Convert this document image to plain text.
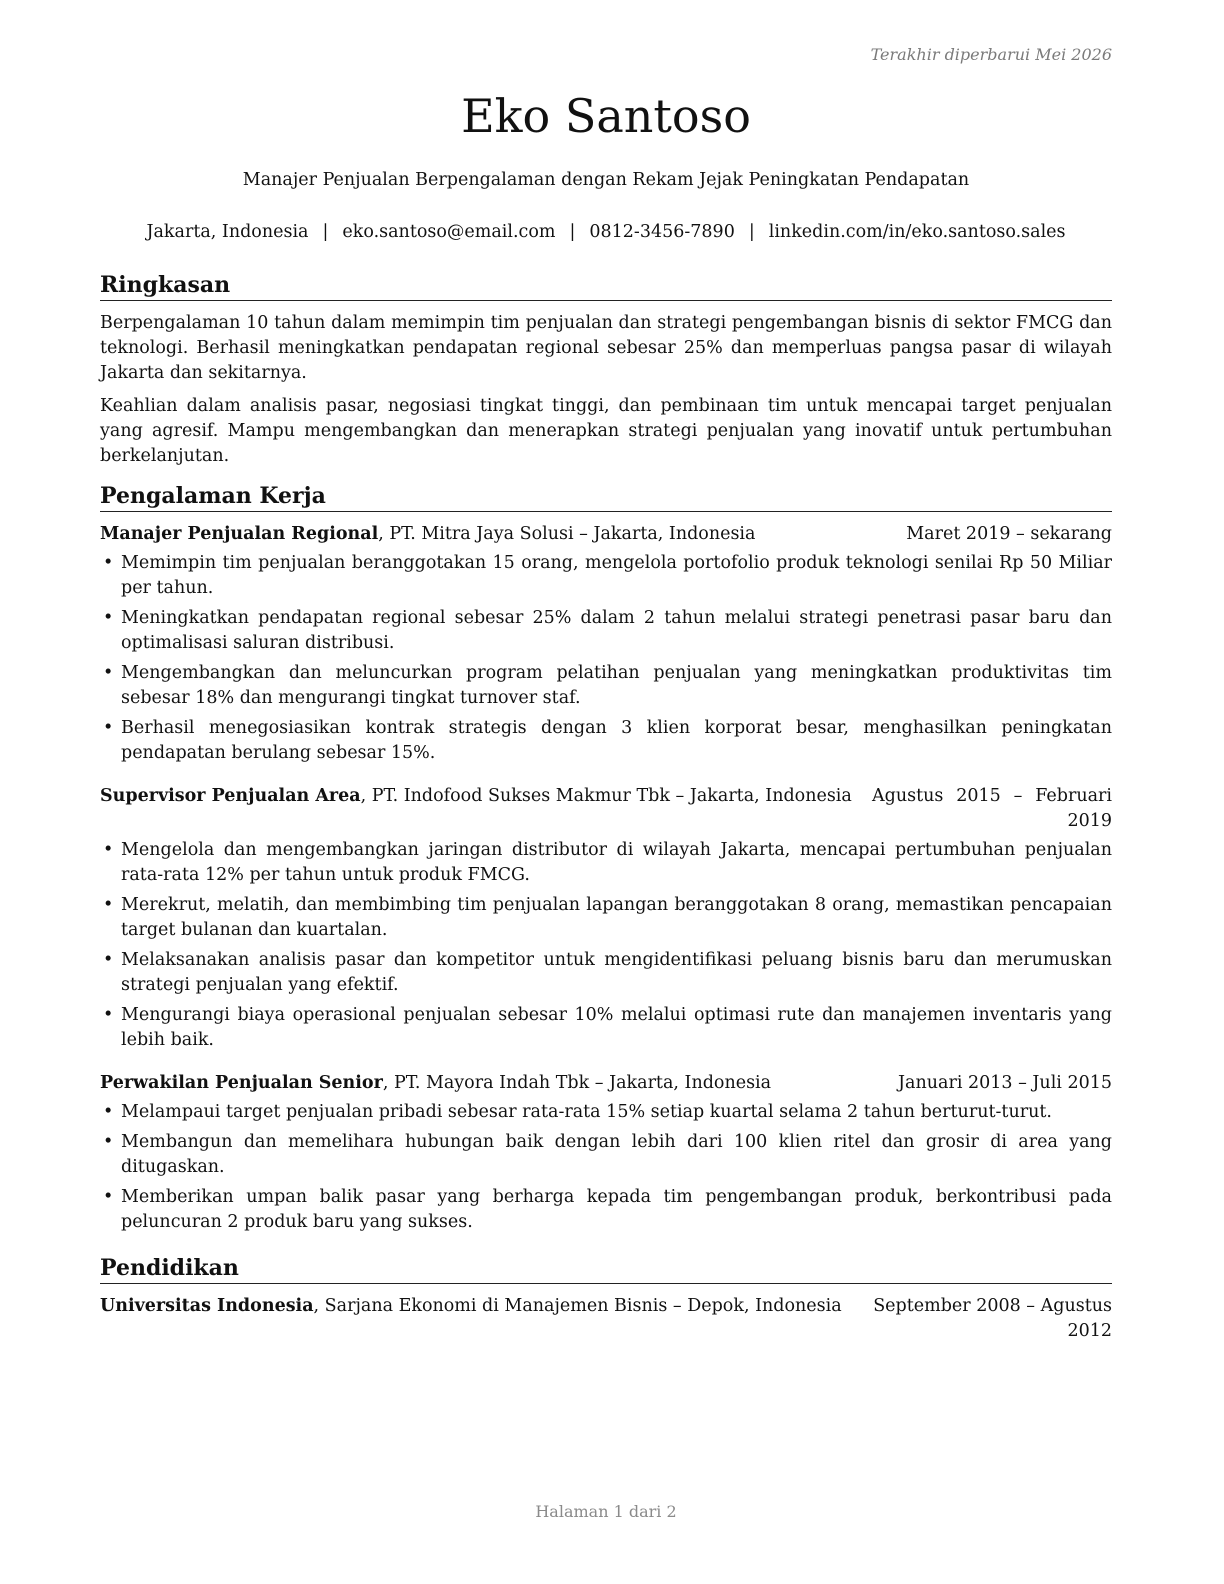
Terakhir diperbarui Mei 2026
Eko Santoso
Manajer Penjualan Berpengalaman dengan Rekam Jejak Peningkatan Pendapatan
Jakarta, Indonesia | eko.santoso@email.com | 0812-3456-7890 | linkedin.com/in/eko.santoso.sales
Ringkasan

Berpengalaman 10 tahun dalam memimpin tim penjualan dan strategi pengembangan bisnis di sektor FMCG dan teknologi. Berhasil meningkatkan pendapatan regional sebesar 25% dan memperluas pangsa pasar di wilayah Jakarta dan sekitarnya.

Keahlian dalam analisis pasar, negosiasi tingkat tinggi, dan pembinaan tim untuk mencapai target penjualan yang agresif. Mampu mengembangkan dan menerapkan strategi penjualan yang inovatif untuk pertumbuhan berkelanjutan.

Pengalaman Kerja
Manajer Penjualan Regional, PT. Mitra Jaya Solusi – Jakarta, Indonesia	Maret 2019 – sekarang
• Memimpin tim penjualan beranggotakan 15 orang, mengelola portofolio produk teknologi senilai Rp 50 Miliar per tahun.
• Meningkatkan pendapatan regional sebesar 25% dalam 2 tahun melalui strategi penetrasi pasar baru dan optimalisasi saluran distribusi.
• Mengembangkan dan meluncurkan program pelatihan penjualan yang meningkatkan produktivitas tim sebesar 18% dan mengurangi tingkat turnover staf.
• Berhasil menegosiasikan kontrak strategis dengan 3 klien korporat besar, menghasilkan peningkatan pendapatan berulang sebesar 15%.
Supervisor Penjualan Area, PT. Indofood Sukses Makmur Tbk – Jakarta, Indonesia Agustus 2015 – Februari 2019
• Mengelola dan mengembangkan jaringan distributor di wilayah Jakarta, mencapai pertumbuhan penjualan rata-rata 12% per tahun untuk produk FMCG.
• Merekrut, melatih, dan membimbing tim penjualan lapangan beranggotakan 8 orang, memastikan pencapaian target bulanan dan kuartalan.
• Melaksanakan analisis pasar dan kompetitor untuk mengidentifikasi peluang bisnis baru dan merumuskan strategi penjualan yang efektif.
• Mengurangi biaya operasional penjualan sebesar 10% melalui optimasi rute dan manajemen inventaris yang lebih baik.
Perwakilan Penjualan Senior, PT. Mayora Indah Tbk – Jakarta, Indonesia	Januari 2013 – Juli 2015
• Melampaui target penjualan pribadi sebesar rata-rata 15% setiap kuartal selama 2 tahun berturut-turut.
• Membangun dan memelihara hubungan baik dengan lebih dari 100 klien ritel dan grosir di area yang ditugaskan.
• Memberikan umpan balik pasar yang berharga kepada tim pengembangan produk, berkontribusi pada peluncuran 2 produk baru yang sukses.
Pendidikan
Universitas Indonesia, Sarjana Ekonomi di Manajemen Bisnis – Depok, Indonesia September 2008 – Agustus 2012
Halaman 1 dari 2
